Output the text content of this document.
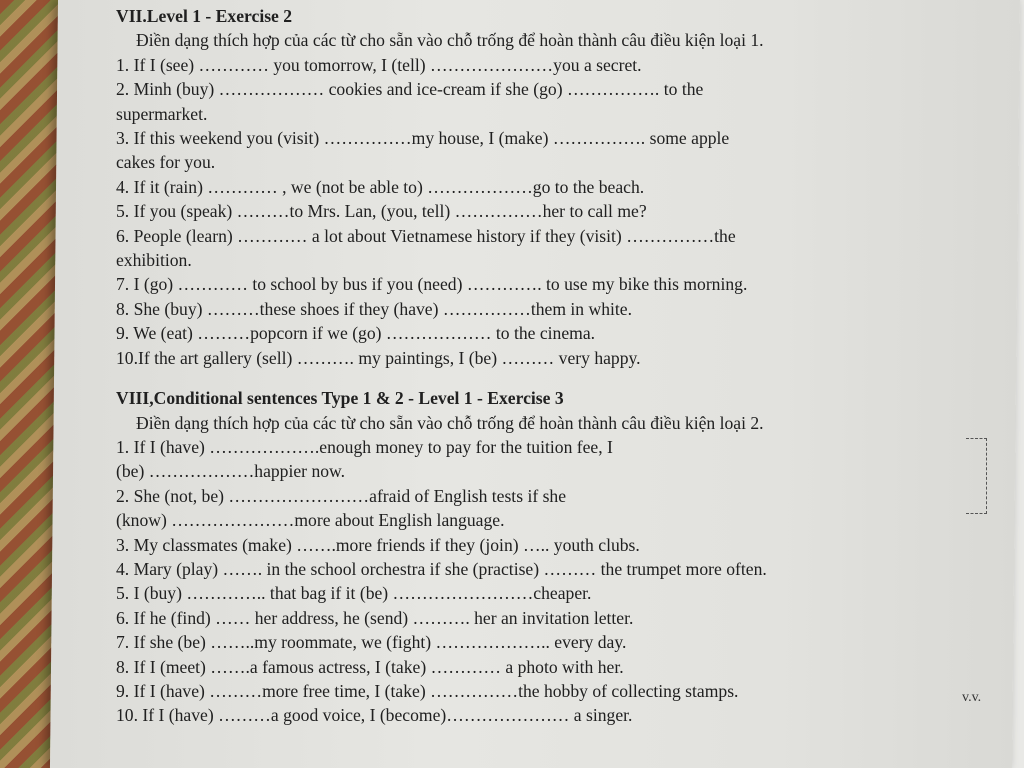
VII.Level 1 - Exercise 2
Điền dạng thích hợp của các từ cho sẵn vào chỗ trống để hoàn thành câu điều kiện loại 1.
1. If I (see) ………… you tomorrow, I (tell) …………………you a secret.
2. Minh (buy) ……………… cookies and ice-cream if she (go) ……………. to the
supermarket.
3. If this weekend you (visit) ……………my house, I (make) ……………. some apple
cakes for you.
4. If it (rain) ………… , we (not be able to) ………………go to the beach.
5. If you (speak) ………to Mrs. Lan, (you, tell) ……………her to call me?
6. People (learn) ………… a lot about Vietnamese history if they (visit) ……………the
exhibition.
7. I (go) ………… to school by bus if you (need) …………. to use my bike this morning.
8. She (buy) ………these shoes if they (have) ……………them in white.
9. We (eat) ………popcorn if we (go) ……………… to the cinema.
10.If the art gallery (sell) ………. my paintings, I (be) ……… very happy.
VIII,Conditional sentences Type 1 & 2 - Level 1 - Exercise 3
Điền dạng thích hợp của các từ cho sẵn vào chỗ trống để hoàn thành câu điều kiện loại 2.
1. If I (have) ……………….enough money to pay for the tuition fee, I
(be) ………………happier now.
2. She (not, be) ……………………afraid of English tests if she
(know) …………………more about English language.
3. My classmates (make) …….more friends if they (join) ….. youth clubs.
4. Mary (play) ……. in the school orchestra if she (practise) ……… the trumpet more often.
5. I (buy) ………….. that bag if it (be) ……………………cheaper.
6. If he (find) …… her address, he (send) ………. her an invitation letter.
7. If she (be) ……..my roommate, we (fight) ……………….. every day.
8. If I (meet) …….a famous actress, I (take) ………… a photo with her.
9. If I (have) ………more free time, I (take) ……………the hobby of collecting stamps.
10. If I (have) ………a good voice, I (become)………………… a singer.
v.v.
